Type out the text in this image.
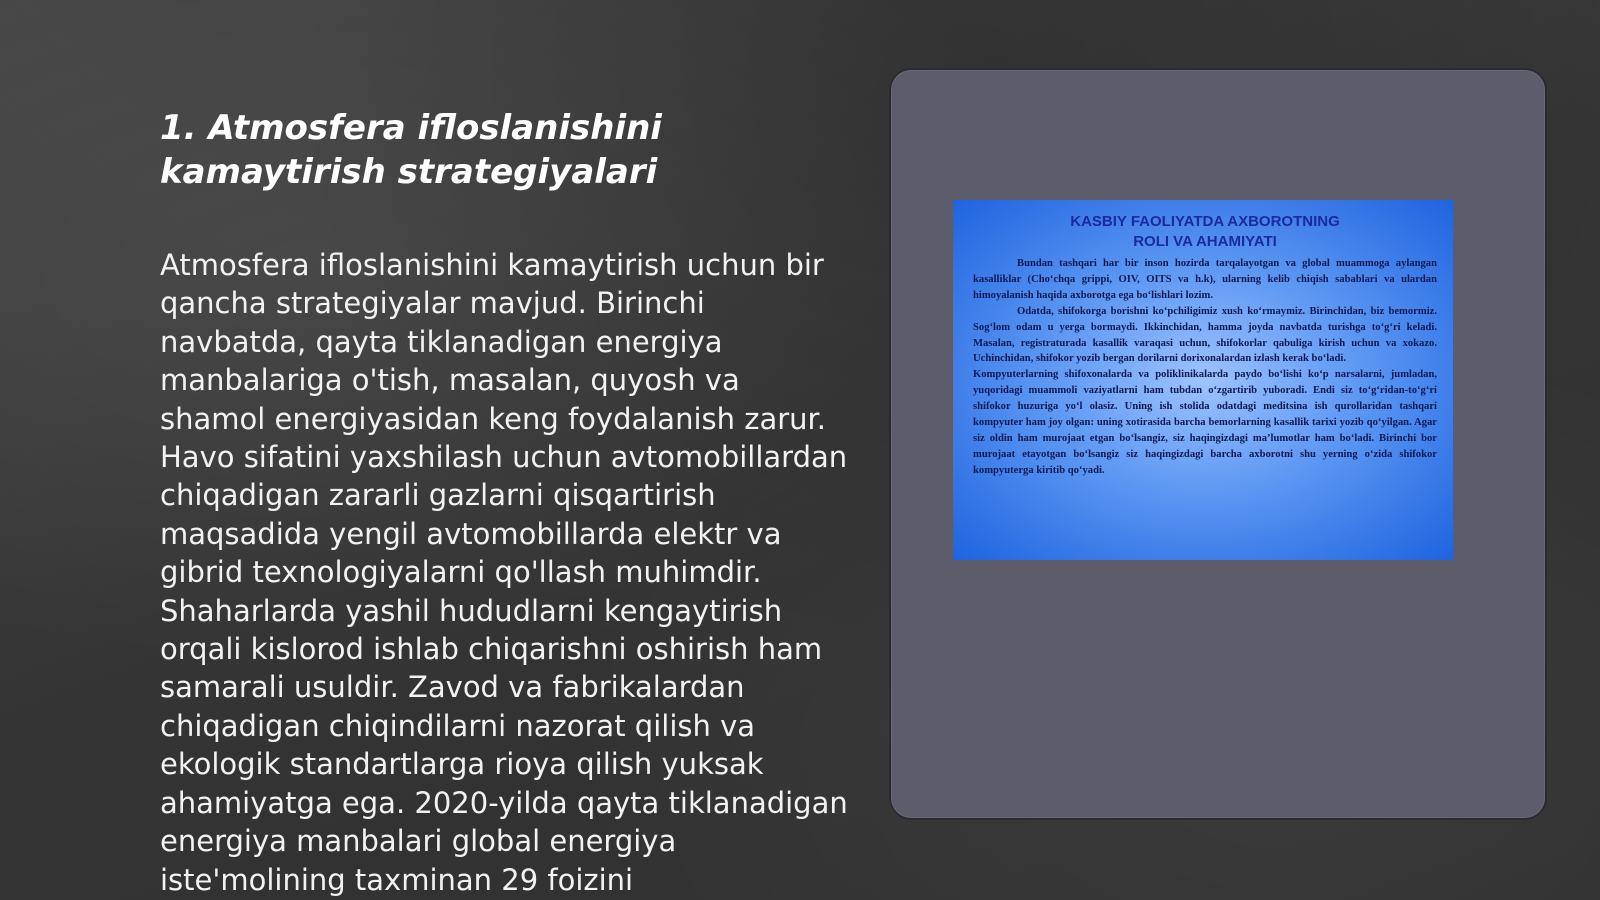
1. Atmosfera ifloslanishini kamaytirish strategiyalari

Atmosfera ifloslanishini kamaytirish uchun bir qancha strategiyalar mavjud. Birinchi navbatda, qayta tiklanadigan energiya manbalariga o'tish, masalan, quyosh va shamol energiyasidan keng foydalanish zarur. Havo sifatini yaxshilash uchun avtomobillardan chiqadigan zararli gazlarni qisqartirish maqsadida yengil avtomobillarda elektr va gibrid texnologiyalarni qo'llash muhimdir. Shaharlarda yashil hududlarni kengaytirish orqali kislorod ishlab chiqarishni oshirish ham samarali usuldir. Zavod va fabrikalardan chiqadigan chiqindilarni nazorat qilish va ekologik standartlarga rioya qilish yuksak ahamiyatga ega. 2020-yilda qayta tiklanadigan energiya manbalari global energiya iste'molining taxminan 29 foizini

KASBIY FAOLIYATDA AXBOROTNING
ROLI VA AHAMIYATI

Bundan tashqari har bir inson hozirda tarqalayotgan va global muammoga aylangan kasalliklar (Cho‘chqa grippi, OIV, OITS va h.k), ularning kelib chiqish sabablari va ulardan himoyalanish haqida axborotga ega bo‘lishlari lozim.

Odatda, shifokorga borishni ko‘pchiligimiz xush ko‘rmaymiz. Birinchidan, biz bemormiz. Sog‘lom odam u yerga bormaydi. Ikkinchidan, hamma joyda navbatda turishga to‘g‘ri keladi. Masalan, registraturada kasallik varaqasi uchun, shifokorlar qabuliga kirish uchun va xokazo. Uchinchidan, shifokor yozib bergan dorilarni dorixonalardan izlash kerak bo‘ladi.

Kompyuterlarning shifoxonalarda va poliklinikalarda paydo bo‘lishi ko‘p narsalarni, jumladan, yuqoridagi muammoli vaziyatlarni ham tubdan o‘zgartirib yuboradi. Endi siz to‘g‘ridan-to‘g‘ri shifokor huzuriga yo‘l olasiz. Uning ish stolida odatdagi meditsina ish qurollaridan tashqari kompyuter ham joy olgan: uning xotirasida barcha bemorlarning kasallik tarixi yozib qo‘yilgan. Agar siz oldin ham murojaat etgan bo‘lsangiz, siz haqingizdagi ma’lumotlar ham bo‘ladi. Birinchi bor murojaat etayotgan bo‘lsangiz siz haqingizdagi barcha axborotni shu yerning o‘zida shifokor kompyuterga kiritib qo‘yadi.
